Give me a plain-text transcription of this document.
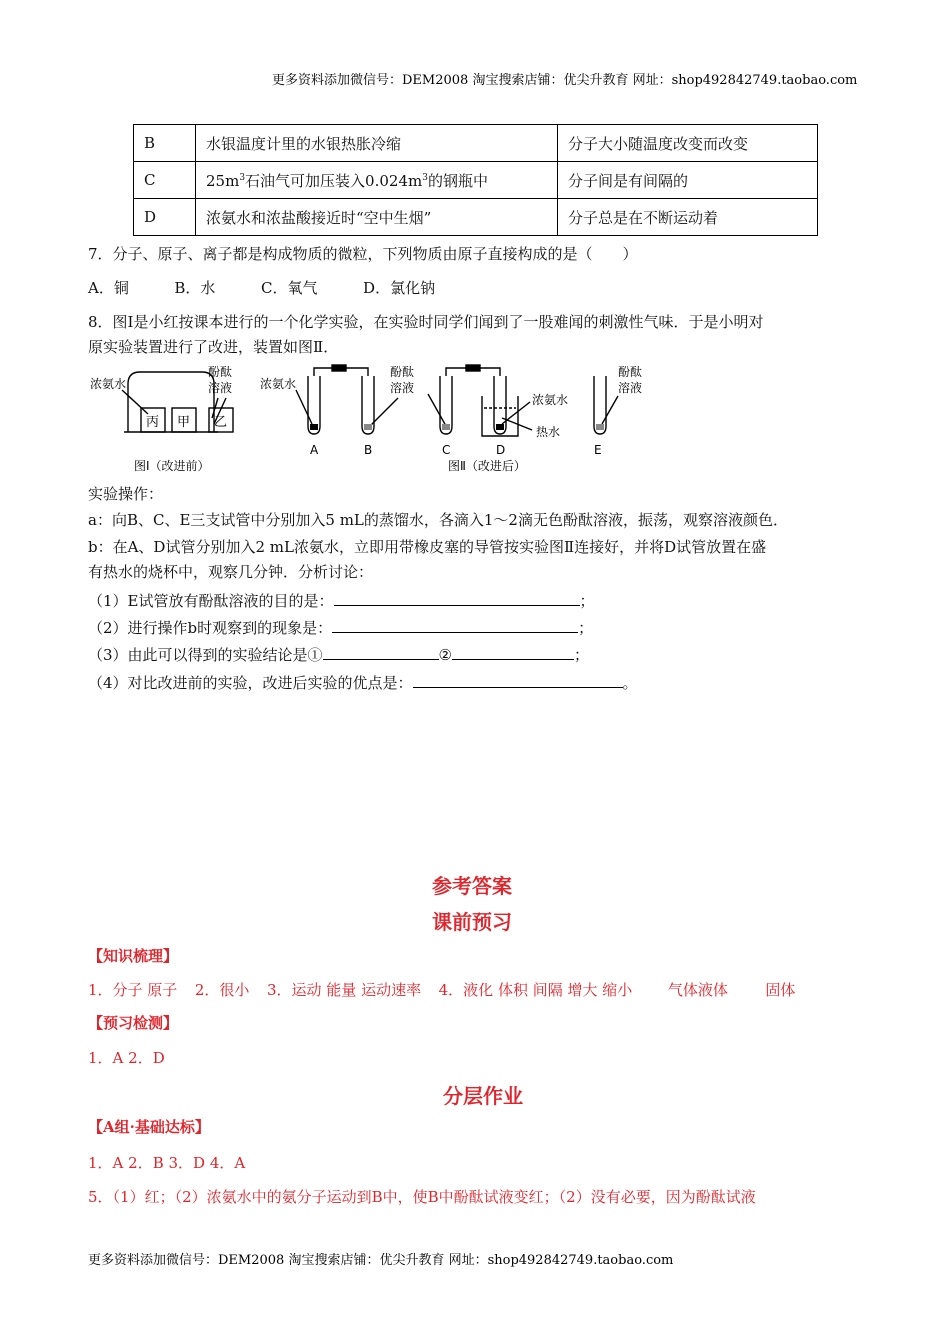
更多资料添加微信号：DEM2008 淘宝搜索店铺：优尖升教育 网址：shop492842749.taobao.com
B	水银温度计里的水银热胀冷缩	分子大小随温度改变而改变
C	$25m^3$石油气可加压装入$0.024m^3$的钢瓶中	分子间是有间隔的
D	浓氨水和浓盐酸接近时“空中生烟”	分子总是在不断运动着
7．分子、原子、离子都是构成物质的微粒，下列物质由原子直接构成的是（　　）
A．铜	B．水	C．氧气	D．氯化钠
8．图Ⅰ是小红按课本进行的一个化学实验，在实验时同学们闻到了一股难闻的刺激性气味．于是小明对
原实验装置进行了改进，装置如图Ⅱ．
浓氨水
酚酞
溶液
丙 甲 乙
图Ⅰ（改进前）
浓氨水
酚酞
溶液
浓氨水
热水
酚酞
溶液
A	B	C	D	E
图Ⅱ（改进后）
实验操作：
a：向B、C、E三支试管中分别加入5 mL的蒸馏水，各滴入1～2滴无色酚酞溶液，振荡，观察溶液颜色．
b：在A、D试管分别加入2 mL浓氨水，立即用带橡皮塞的导管按实验图Ⅱ连接好，并将D试管放置在盛
有热水的烧杯中，观察几分钟．分析讨论：
（1）E试管放有酚酞溶液的目的是：	；
（2）进行操作b时观察到的现象是：	；
（3）由此可以得到的实验结论是①	②	；
（4）对比改进前的实验，改进后实验的优点是：	。
参考答案
课前预习
【知识梳理】
1．分子 原子 2．很小 3．运动 能量 运动速率 4．液化 体积 间隔 增大 缩小 气体液体	固体
【预习检测】
1．A 2．D
分层作业
【A组·基础达标】
1．A 2．B 3．D 4．A
5．（1）红；（2）浓氨水中的氨分子运动到B中，使B中酚酞试液变红；（2）没有必要，因为酚酞试液
更多资料添加微信号：DEM2008 淘宝搜索店铺：优尖升教育 网址：shop492842749.taobao.com
